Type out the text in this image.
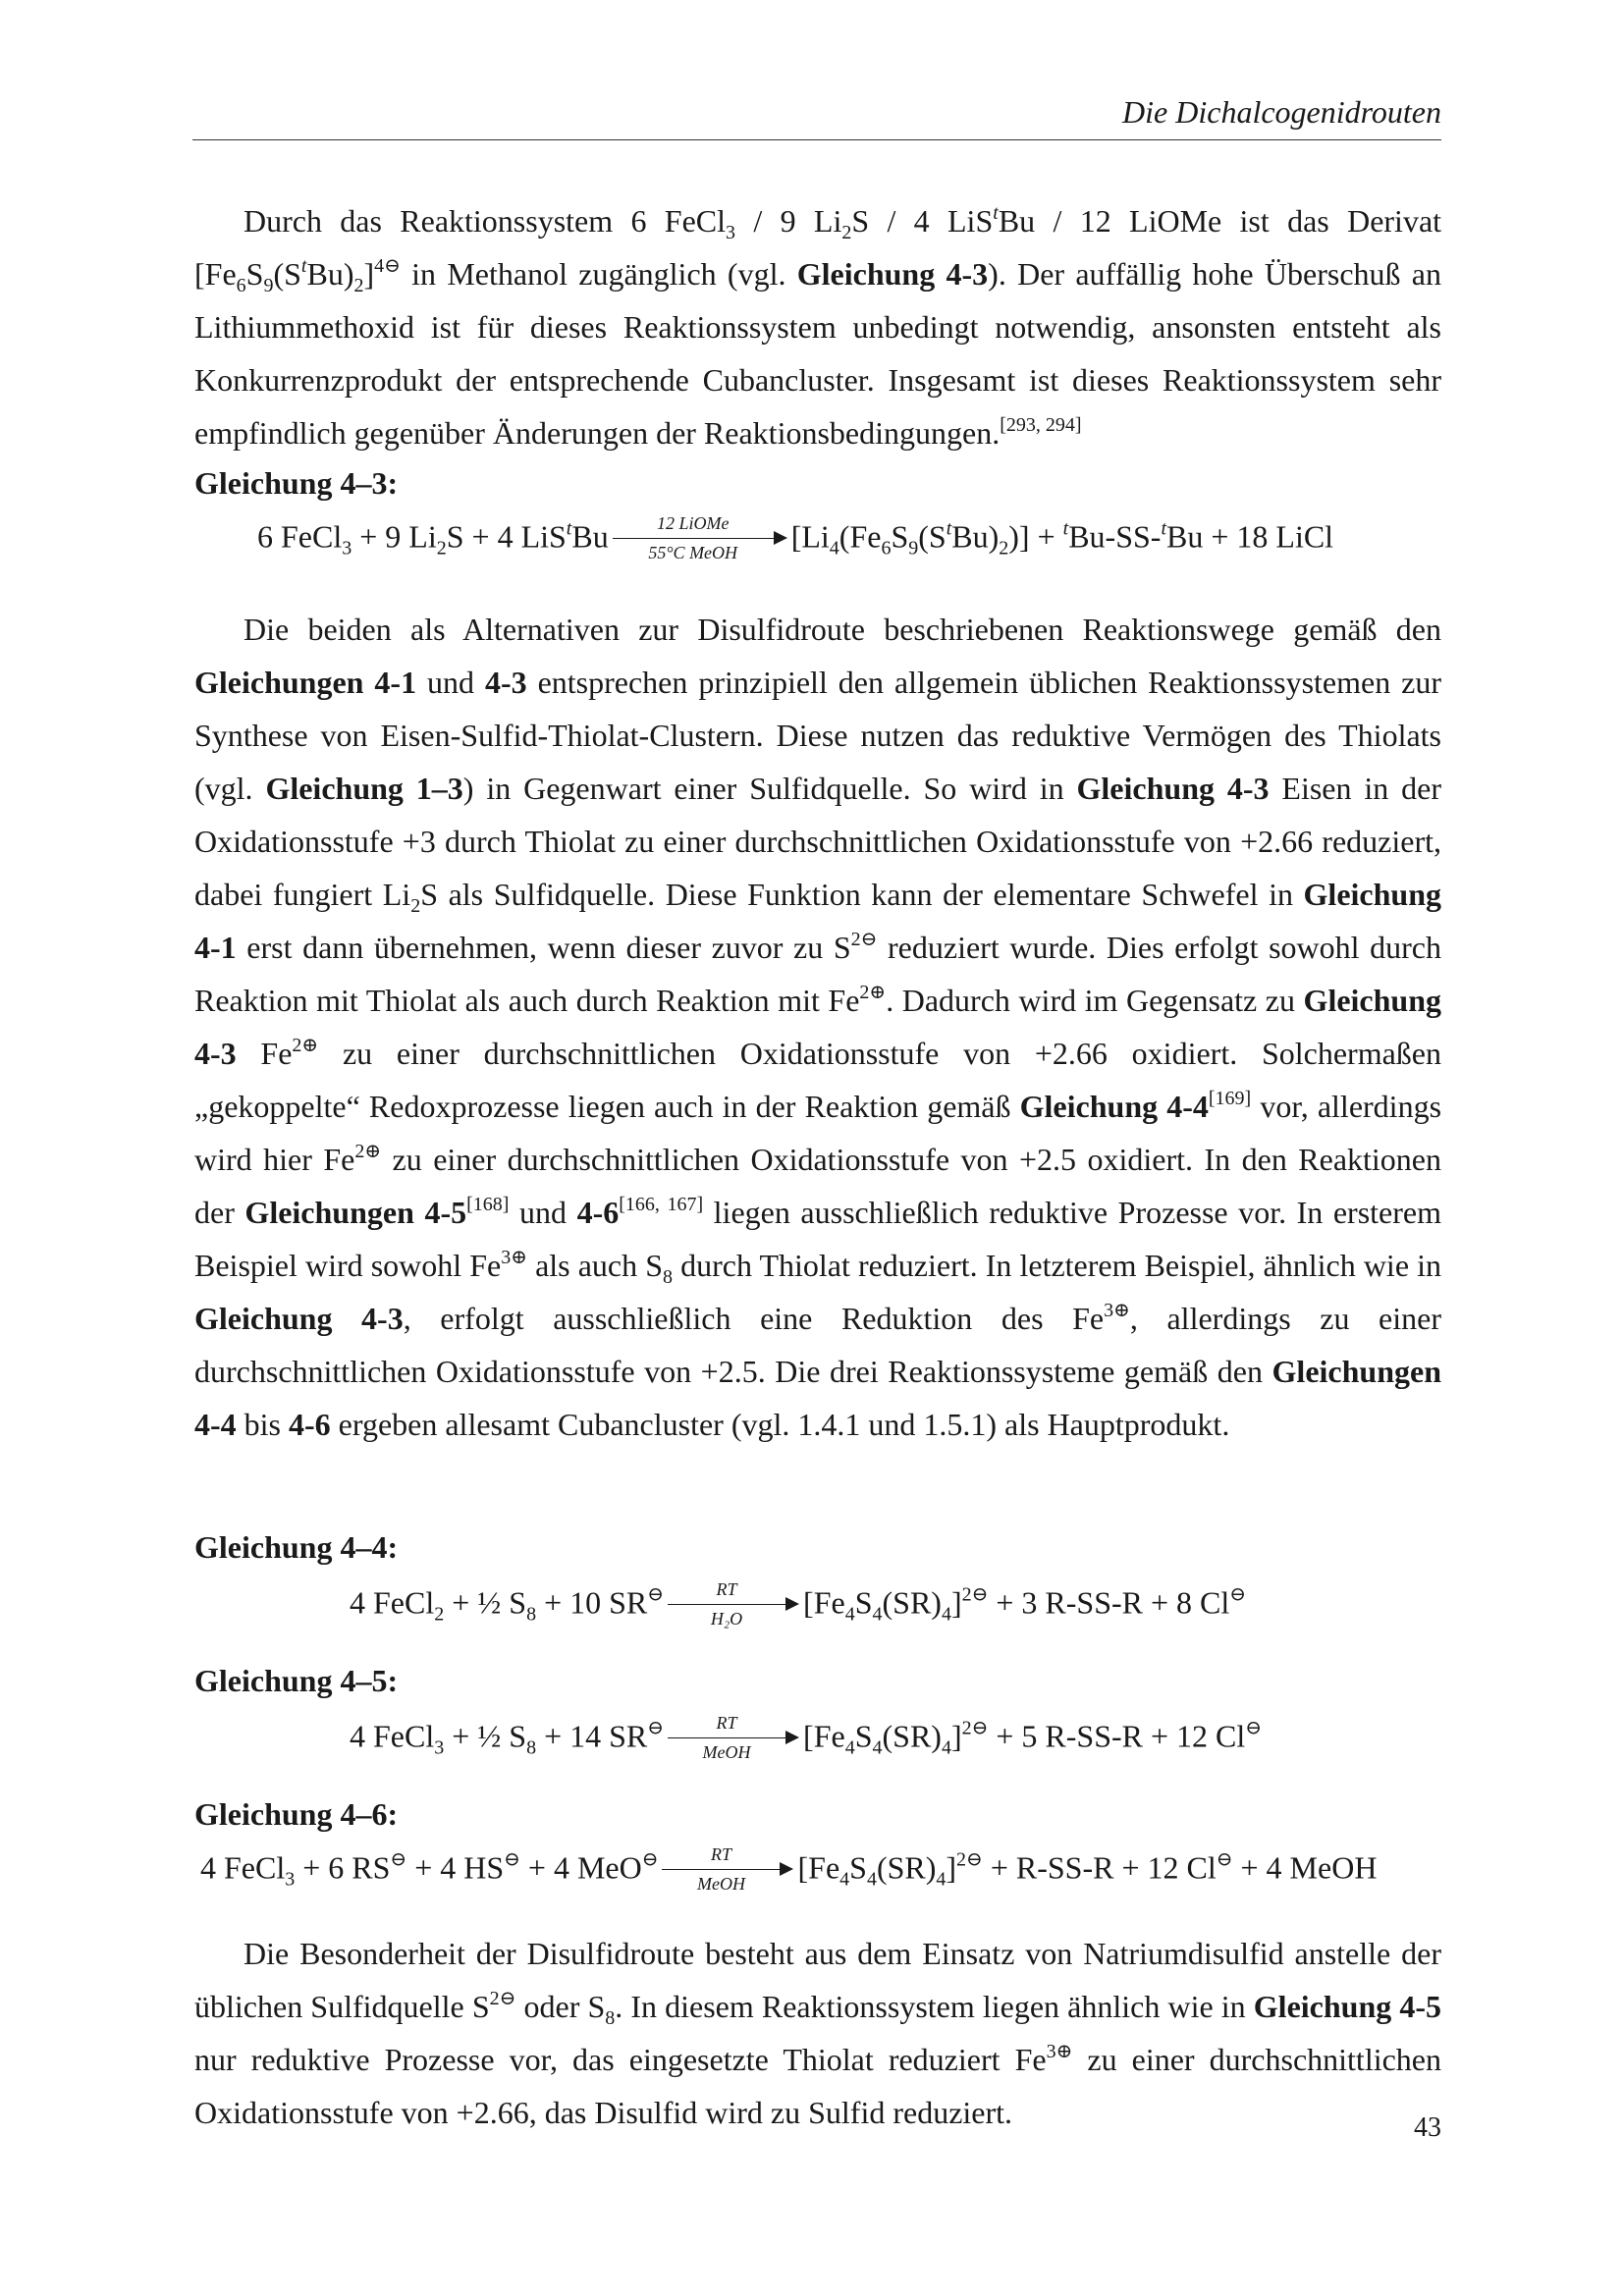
Die Dichalcogenidrouten

Durch das Reaktionssystem 6 FeCl$_3$ / 9 $Li_2S / 4$ LiS$^t$Bu / 12 LiOMe ist das Derivat $[Fe_6S_9(S^tBu)_2]^{4⊖}$ in Methanol zugänglich (vgl. Gleichung 4-3). Der auffällig hohe Überschuß an Lithiummethoxid ist für dieses Reaktionssystem unbedingt notwendig, ansonsten entsteht als Konkurrenzprodukt der entsprechende Cubancluster. Insgesamt ist dieses Reaktionssystem sehr empfindlich gegenüber Änderungen der Reaktionsbedingungen.[293, 294]

Gleichung 4–3:
6 FeCl$_3$ + 9 $Li_2S + 4$ LiS$^t$Bu	12 LiOMe
55°C MeOH	$[Li_4(Fe_6S_9(S^tBu)_2)] + ^tBu-SS-^tBu + 18$ LiCl

Die beiden als Alternativen zur Disulfidroute beschriebenen Reaktionswege gemäß den Gleichungen 4-1 und 4-3 entsprechen prinzipiell den allgemein üblichen Reaktionssystemen zur Synthese von Eisen-Sulfid-Thiolat-Clustern. Diese nutzen das reduktive Vermögen des Thiolats (vgl. Gleichung 1–3) in Gegenwart einer Sulfidquelle. So wird in Gleichung 4-3 Eisen in der Oxidationsstufe +3 durch Thiolat zu einer durchschnittlichen Oxidationsstufe von +2.66 reduziert, dabei fungiert $Li_2S$ als Sulfidquelle. Diese Funktion kann der elementare Schwefel in Gleichung 4-1 erst dann übernehmen, wenn dieser zuvor zu $S^{2⊖}$ reduziert wurde. Dies erfolgt sowohl durch Reaktion mit Thiolat als auch durch Reaktion mit $Fe^{2\oplus}$. Dadurch wird im Gegensatz zu Gleichung 4-3 $Fe^{2\oplus}$ zu einer durchschnittlichen Oxidationsstufe von +2.66 oxidiert. Solchermaßen „gekoppelte“ Redoxprozesse liegen auch in der Reaktion gemäß Gleichung 4-4[169] vor, allerdings wird hier $Fe^{2\oplus}$ zu einer durchschnittlichen Oxidationsstufe von +2.5 oxidiert. In den Reaktionen der Gleichungen 4-5[168] und 4-6[166, 167] liegen ausschließlich reduktive Prozesse vor. In ersterem Beispiel wird sowohl $Fe^{3\oplus}$ als auch $S_8$ durch Thiolat reduziert. In letzterem Beispiel, ähnlich wie in Gleichung 4-3, erfolgt ausschließlich eine Reduktion des $Fe^{3\oplus}$, allerdings zu einer durchschnittlichen Oxidationsstufe von +2.5. Die drei Reaktionssysteme gemäß den Gleichungen 4-4 bis 4-6 ergeben allesamt Cubancluster (vgl. 1.4.1 und 1.5.1) als Hauptprodukt.

Gleichung 4–4:
4 FeCl$_2$ + ½ $S_8 + 10$ $SR^⊖ \frac{RT}{\text{H₂O}} [Fe_4S_4(SR)_4]^{2⊖} + 3$ R-SS-R + 8 Cl⊖
Gleichung 4–5:
4 FeCl$_3$ + ½ $S_8 + 14$ SR⊖	RT
MeOH	$[Fe_4S_4(SR)_4]^{2⊖} + 5$ R-SS-R + 12 Cl⊖
Gleichung 4–6:
4 FeCl$_3$ + 6 RS⊖ + 4 HS⊖ + 4 MeO⊖	RT
MeOH	$[Fe_4S_4(SR)_4]^{2⊖} + R-SS-R + 12$ Cl⊖ + 4 MeOH

Die Besonderheit der Disulfidroute besteht aus dem Einsatz von Natriumdisulfid anstelle der üblichen Sulfidquelle $S^{2⊖}$ oder $S_8$. In diesem Reaktionssystem liegen ähnlich wie in Gleichung 4-5 nur reduktive Prozesse vor, das eingesetzte Thiolat reduziert $Fe^{3\oplus}$ zu einer durchschnittlichen Oxidationsstufe von +2.66, das Disulfid wird zu Sulfid reduziert.	43
